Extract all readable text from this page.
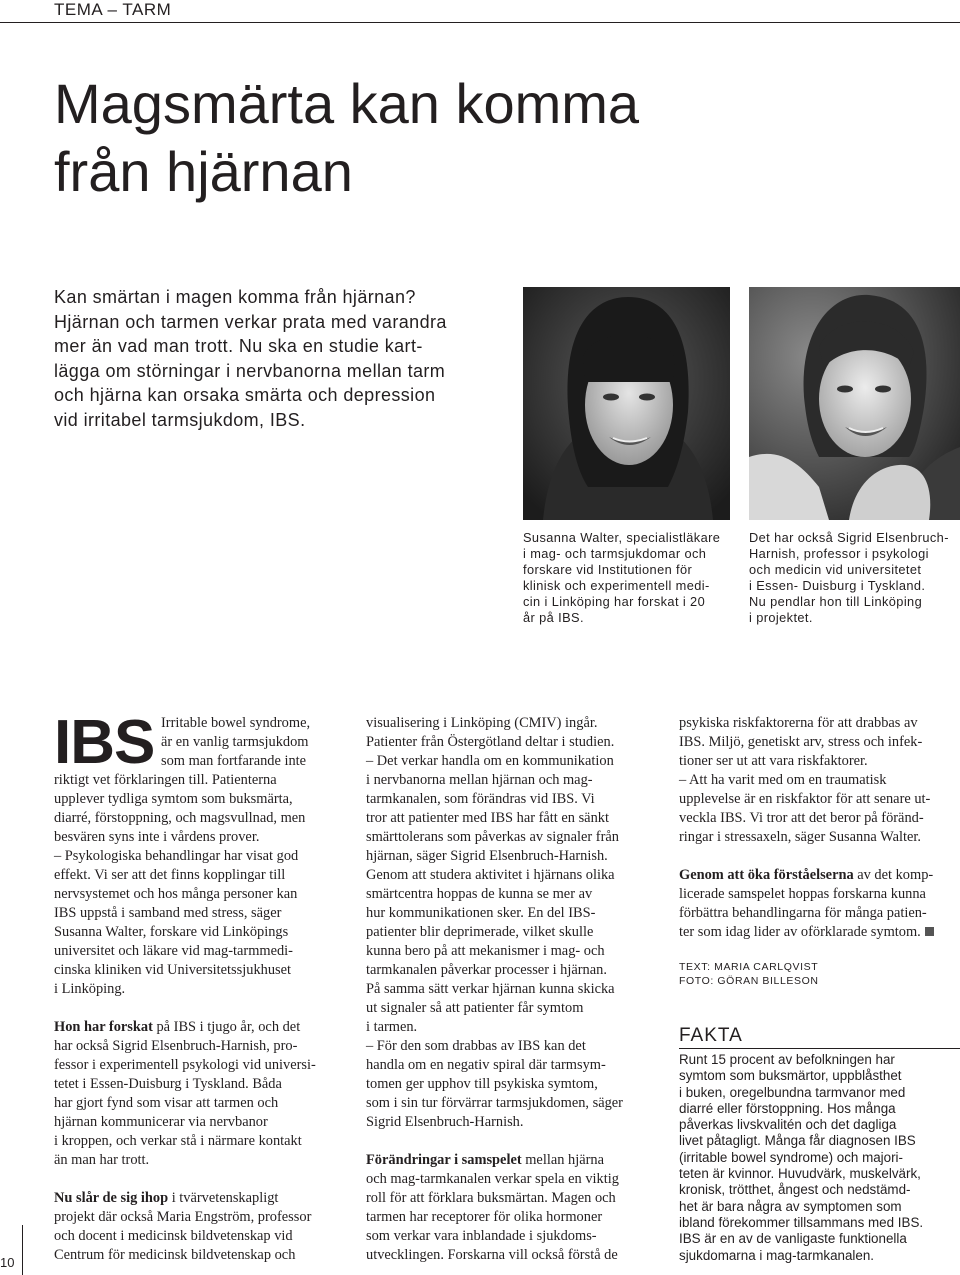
TEMA – TARM
Magsmärta kan komma
från hjärnan
Kan smärtan i magen komma från hjärnan?
Hjärnan och tarmen verkar prata med varandra
mer än vad man trott. Nu ska en studie kart-
lägga om störningar i nervbanorna mellan tarm
och hjärna kan orsaka smärta och depression
vid irritabel tarmsjukdom, IBS.
Susanna Walter, specialistläkare
i mag- och tarmsjukdomar och
forskare vid Institutionen för
klinisk och experimentell medi-
cin i Linköping har forskat i 20
år på IBS.
Det har också Sigrid Elsenbruch-
Harnish, professor i psykologi
och medicin vid universitetet
i Essen- Duisburg i Tyskland.
Nu pendlar hon till Linköping
i projektet.
IBS Irritable bowel syndrome,
är en vanlig tarmsjukdom
som man fortfarande inte
riktigt vet förklaringen till. Patienterna
upplever tydliga symtom som buksmärta,
diarré, förstoppning, och magsvullnad, men
besvären syns inte i vårdens prover.
– Psykologiska behandlingar har visat god
effekt. Vi ser att det finns kopplingar till
nervsystemet och hos många personer kan
IBS uppstå i samband med stress, säger
Susanna Walter, forskare vid Linköpings
universitet och läkare vid mag-tarmmedi-
cinska kliniken vid Universitetssjukhuset
i Linköping.
Hon har forskat på IBS i tjugo år, och det
har också Sigrid Elsenbruch-Harnish, pro-
fessor i experimentell psykologi vid universi-
tetet i Essen-Duisburg i Tyskland. Båda
har gjort fynd som visar att tarmen och
hjärnan kommunicerar via nervbanor
i kroppen, och verkar stå i närmare kontakt
än man har trott.
Nu slår de sig ihop i tvärvetenskapligt
projekt där också Maria Engström, professor
och docent i medicinsk bildvetenskap vid
Centrum för medicinsk bildvetenskap och
visualisering i Linköping (CMIV) ingår.
Patienter från Östergötland deltar i studien.
– Det verkar handla om en kommunikation
i nervbanorna mellan hjärnan och mag-
tarmkanalen, som förändras vid IBS. Vi
tror att patienter med IBS har fått en sänkt
smärttolerans som påverkas av signaler från
hjärnan, säger Sigrid Elsenbruch-Harnish.
Genom att studera aktivitet i hjärnans olika
smärtcentra hoppas de kunna se mer av
hur kommunikationen sker. En del IBS-
patienter blir deprimerade, vilket skulle
kunna bero på att mekanismer i mag- och
tarmkanalen påverkar processer i hjärnan.
På samma sätt verkar hjärnan kunna skicka
ut signaler så att patienter får symtom
i tarmen.
– För den som drabbas av IBS kan det
handla om en negativ spiral där tarmsym-
tomen ger upphov till psykiska symtom,
som i sin tur förvärrar tarmsjukdomen, säger
Sigrid Elsenbruch-Harnish.
Förändringar i samspelet mellan hjärna
och mag-tarmkanalen verkar spela en viktig
roll för att förklara buksmärtan. Magen och
tarmen har receptorer för olika hormoner
som verkar vara inblandade i sjukdoms-
utvecklingen. Forskarna vill också förstå de
psykiska riskfaktorerna för att drabbas av
IBS. Miljö, genetiskt arv, stress och infek-
tioner ser ut att vara riskfaktorer.
– Att ha varit med om en traumatisk
upplevelse är en riskfaktor för att senare ut-
veckla IBS. Vi tror att det beror på föränd-
ringar i stressaxeln, säger Susanna Walter.
Genom att öka förståelserna av det komp-
licerade samspelet hoppas forskarna kunna
förbättra behandlingarna för många patien-
ter som idag lider av oförklarade symtom.
TEXT: MARIA CARLQVIST
FOTO: GÖRAN BILLESON
FAKTA
Runt 15 procent av befolkningen har
symtom som buksmärtor, uppblåsthet
i buken, oregelbundna tarmvanor med
diarré eller förstoppning. Hos många
påverkas livskvalitén och det dagliga
livet påtagligt. Många får diagnosen IBS
(irritable bowel syndrome) och majori-
teten är kvinnor. Huvudvärk, muskelvärk,
kronisk, trötthet, ångest och nedstämd-
het är bara några av symptomen som
ibland förekommer tillsammans med IBS.
IBS är en av de vanligaste funktionella
sjukdomarna i mag-tarmkanalen.
10
